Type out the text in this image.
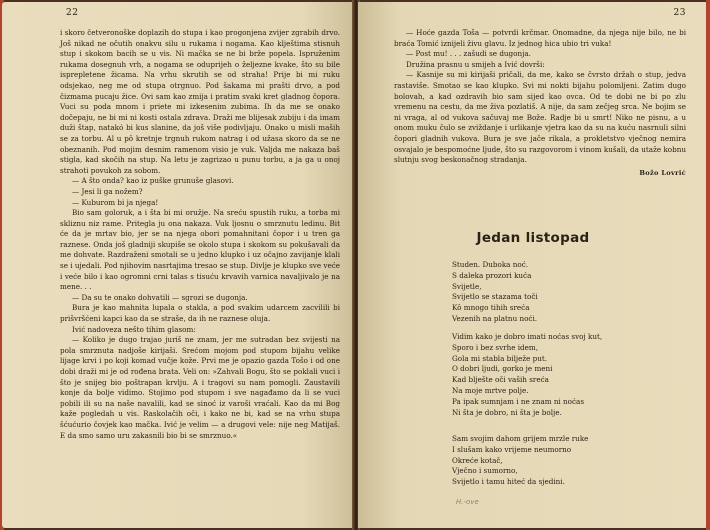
22

i skoro četveronoške doplazih do stupa i kao progonjena zvijer zgrabih drvo. Još nikad ne očutih onakvu silu u rukama i nogama. Kao klještima stisnuh stup i skokom bacih se u vis. Ni mačka se ne bi brže popela. Ispruženim rukama dosegnuh vrh, a nogama se oduprijeh o željezne kvake, što su bile isprepletene žicama. Na vrhu skrutih se od straha! Prije bi mi ruku odsjekao, neg me od stupa otrgnuo. Pod šakama mi prašti drvo, a pod čizmama pucaju žice. Ovi sam kao zmija i pratim svaki kret gladnog čopora. Vuci su poda mnom i priete mi izkesenim zubima. Ih da me se onako dočepaju, ne bi mi ni kosti ostala zdrava. Draži me blijesak zubiju i da imam duži štap, natakó bi kus slanine, da još više podivljaju. Onako u misli maših se za torbu. Al u pô kretnje trgnuh rukom natrag i od užasa skoro da se ne obeznanih. Pod mojim desnim ramenom visio je vuk. Valjda me nakaza baš stigla, kad skočih na stup. Na letu je zagrizao u punu torbu, a ja ga u onoj strahoti povukoh za sobom.

— A što onda? kao iz puške grunuše glasovi.

— Jesi li ga nožem?

— Kuburom bi ja njega!

Bio sam goloruk, a i šta bi mi oružje. Na sreću spustih ruku, a torba mi skliznu niz rame. Pritegla ju ona nakaza. Vuk ljosnu o smrznutu ledinu. Bit će da je mrtav bio, jer se na njega obori pomahnitani čopor i u tren ga raznese. Onda još gladniji skupiše se okolo stupa i skokom su pokušavali da me dohvate. Razdraženi smotali se u jedno klupko i uz očajno zavijanje klali se i ujedali. Pod njihovim nasrtajima tresao se stup. Divlje je klupko sve veće i veće bilo i kao ogromni crni talas s tisuću krvavih varnica navaljivalo je na mene. . .

— Da su te onako dohvatili — sgrozi se dugonja.

Bura je kao mahnita lupala o stakla, a pod svakim udarcem zacvilili bi prišvršćeni kapci kao da se straše, da ih ne raznese oluja.

Ivić nadoveza nešto tihim glasom:

— Koliko je dugo trajao juriš ne znam, jer me sutradan bez svijesti na pola smrznuta nadjoše kirijaši. Srećom mojom pod stupom bijahu velike lijage krvi i po koji komad vučje kože. Prvi me je opazio gazda Tošo i od one dobi draži mi je od rođena brata. Veli on: »Zahvali Bogu, što se poklali vuci i što je snijeg bio poštrapan krvlju. A i tragovi su nam pomogli. Zaustavili konje da bolje vidimo. Stojimo pod stupom i sve nagađamo da li se vuci pobili ili su na naše navalili, kad se sinoć iz varoši vraćali. Kao da mi Bog kaže pogledah u vis. Raskolačih oči, i kako ne bi, kad se na vrhu stupa šćućurio čovjek kao mačka. Ivić je velim — a drugovi vele: nije neg Matijaš. E da smo samo uru zakasnili bio bi se smrznuo.«

23

— Hoće gazda Toša — potvrdi krčmar. Onomadne, da njega nije bilo, ne bi braća Tomić iznijeli živu glavu. Iz jednog hica ubio tri vuka!

— Post mu! . . . zašudi se dugonja.

Družina prasnu u smijeh a Ivić dovrši:

— Kasnije su mi kirijaši pričali, da me, kako se čvrsto držah o stup, jedva rastaviše. Smotao se kao klupko. Svi mi nokti bijahu polomljeni. Zatim dugo bolovah, a kad ozdravih bio sam sijed kao ovca. Od te dobi ne bi po zlu vremenu na cestu, da me živa pozlatiš. A nije, da sam zečjeg srca. Ne bojim se ni vraga, al od vukova sačuvaj me Bože. Radje bi u smrt! Niko ne pisnu, a u onom muku čulo se zviždanje i urlikanje vjetra kao da su na kuću nasrnuli silni čopori gladnih vukova. Bura je sve jače rikala, a prokletstvo vječnog nemira osvajalo je bespomoćne ljude, što su razgovorom i vinom kušali, da utaže kobnu slutnju svog beskonačnog stradanja.

Božo Lovrić
Jedan listopad
Studen. Duboka noć.
S daleka prozori kuća
Svijetle,
Svijetlo se stazama toči
Kô mnogo tihih sreća
Vezenih na platnu noći.
Vidim kako je dobro imati noćas svoj kut,
Sporo i bez svrhe idem,
Gola mi stabla bilježe put.
O dobri ljudi, gorko je meni
Kad blješte oči vaših sreća
Na moje mrtve polje.
Pa ipak sumnjam i ne znam ni noćas
Ni šta je dobro, ni šta je bolje.
Sam svojim dahom grijem mrzle ruke
I slušam kako vrijeme neumorno
Okreće kotač,
Vječno i sumorno,
Svijetlo i tamu hiteć da sjedini.
H.-ove
